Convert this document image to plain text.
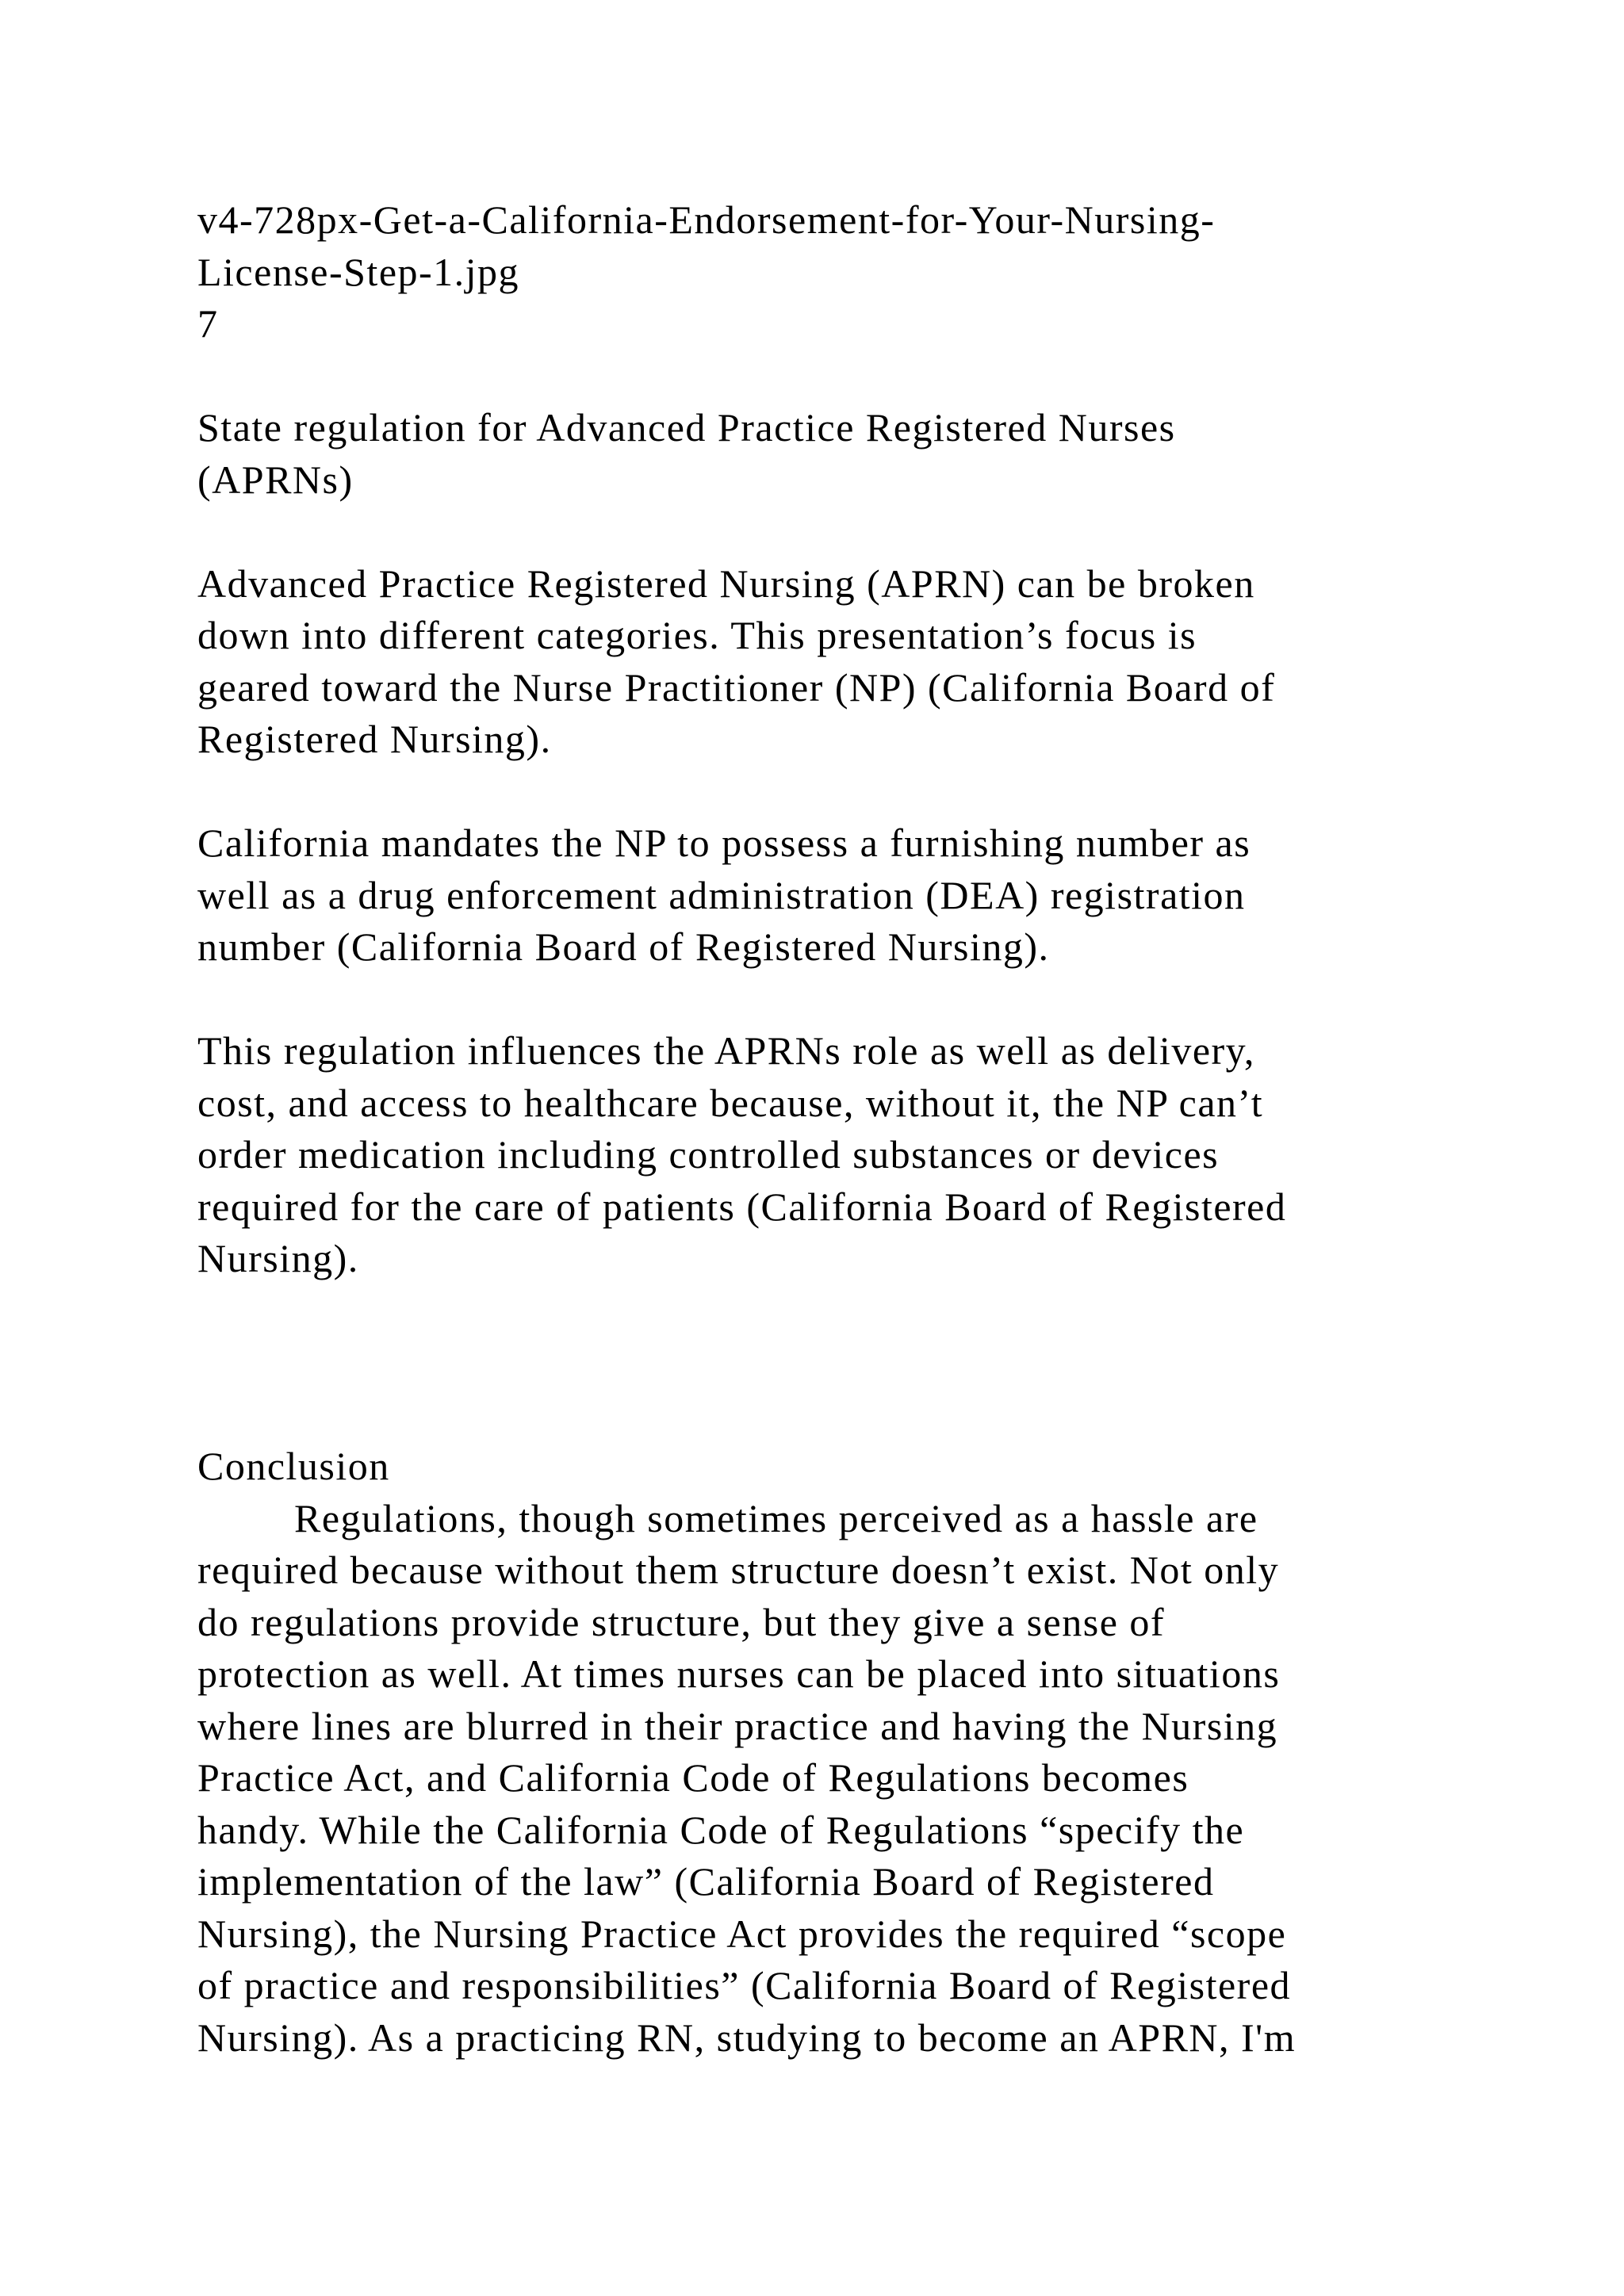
v4-728px-Get-a-California-Endorsement-for-Your-Nursing-
License-Step-1.jpg
7
State regulation for Advanced Practice Registered Nurses
(APRNs)
Advanced Practice Registered Nursing (APRN) can be broken
down into different categories. This presentation’s focus is
geared toward the Nurse Practitioner (NP) (California Board of
Registered Nursing).
California mandates the NP to possess a furnishing number as
well as a drug enforcement administration (DEA) registration
number (California Board of Registered Nursing).
This regulation influences the APRNs role as well as delivery,
cost, and access to healthcare because, without it, the NP can’t
order medication including controlled substances or devices
required for the care of patients (California Board of Registered
Nursing).
Conclusion
Regulations, though sometimes perceived as a hassle are
required because without them structure doesn’t exist. Not only
do regulations provide structure, but they give a sense of
protection as well. At times nurses can be placed into situations
where lines are blurred in their practice and having the Nursing
Practice Act, and California Code of Regulations becomes
handy. While the California Code of Regulations “specify the
implementation of the law” (California Board of Registered
Nursing), the Nursing Practice Act provides the required “scope
of practice and responsibilities” (California Board of Registered
Nursing). As a practicing RN, studying to become an APRN, I'm
